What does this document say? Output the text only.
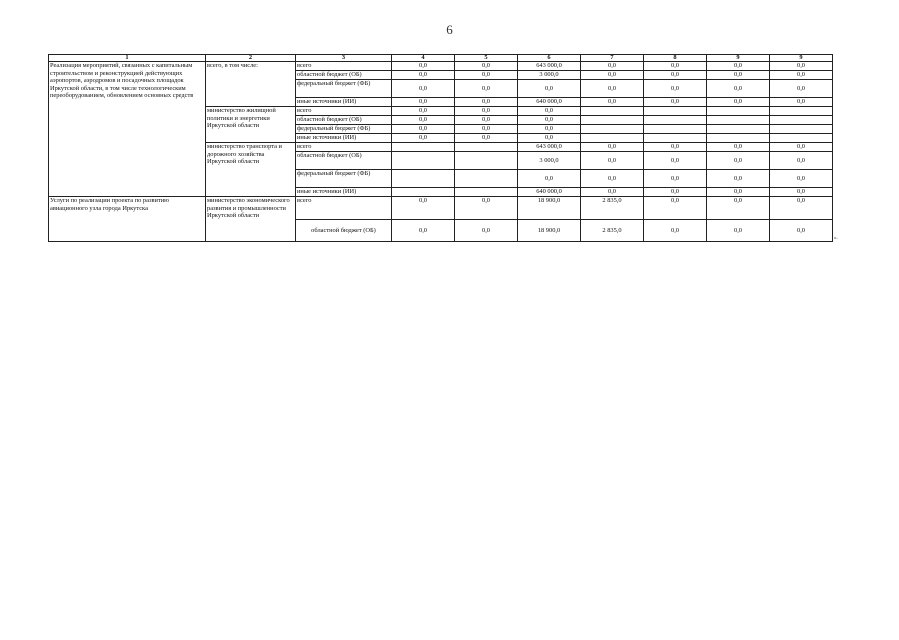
6
1	2	3	4	5	6	7	8	9	9
Реализация мероприятий, связанных с капитальным строительством и реконструкцией действующих аэропортов, аэродромов и посадочных площадок Иркутской области, в том числе технологическим переоборудованием, обновлением основных средств	всего, в том числе:	всего	0,0	0,0	643 000,0	0,0	0,0	0,0	0,0
		областной бюджет (ОБ)	0,0	0,0	3 000,0	0,0	0,0	0,0	0,0
		федеральный бюджет (ФБ)	0,0	0,0	0,0	0,0	0,0	0,0	0,0
		иные источники (ИИ)	0,0	0,0	640 000,0	0,0	0,0	0,0	0,0
	министерство жилищной политики и энергетики Иркутской области	всего	0,0	0,0	0,0				
		областной бюджет (ОБ)	0,0	0,0	0,0				
		федеральный бюджет (ФБ)	0,0	0,0	0,0				
		иные источники (ИИ)	0,0	0,0	0,0				
	министерство транспорта и дорожного хозяйства Иркутской области	всего			643 000,0	0,0	0,0	0,0	0,0
		областной бюджет (ОБ)			3 000,0	0,0	0,0	0,0	0,0
		федеральный бюджет (ФБ)			0,0	0,0	0,0	0,0	0,0
		иные источники (ИИ)			640 000,0	0,0	0,0	0,0	0,0
Услуги по реализации проекта по развитию авиационного узла города Иркутска	министерство экономического развития и промышленности Иркутской области	всего	0,0	0,0	18 900,0	2 835,0	0,0	0,0	0,0
		областной бюджет (ОБ)	0,0	0,0	18 900,0	2 835,0	0,0	0,0	0,0
».
